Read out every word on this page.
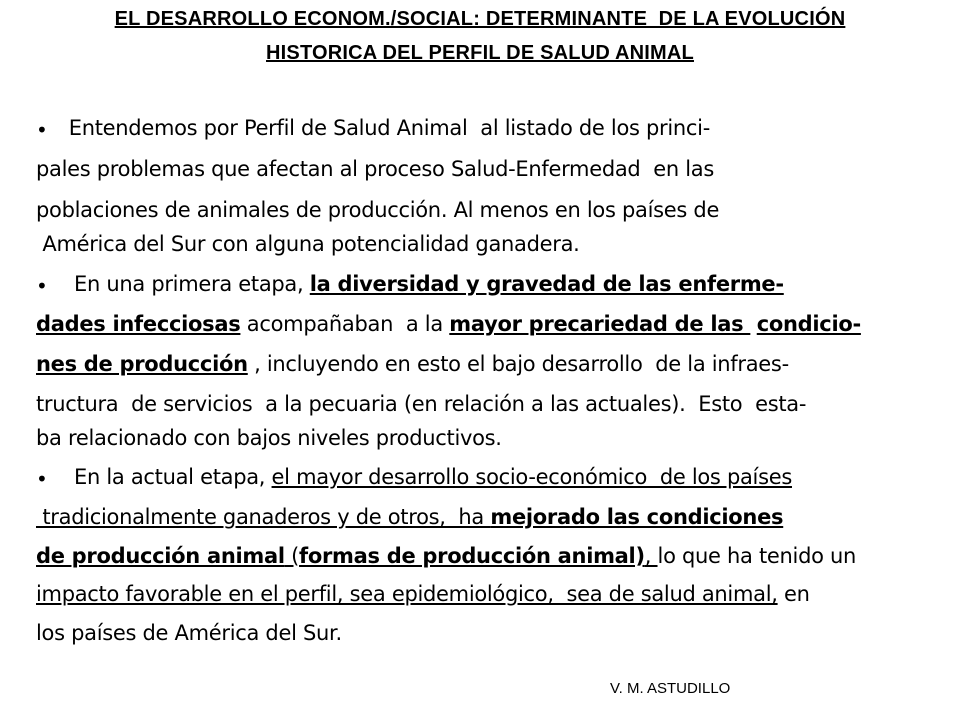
EL DESARROLLO ECONOM./SOCIAL: DETERMINANTE  DE LA EVOLUCIÓN
HISTORICA DEL PERFIL DE SALUD ANIMAL
• Entendemos por Perfil de Salud Animal  al listado de los princi-
pales problemas que afectan al proceso Salud-Enfermedad  en las
poblaciones de animales de producción. Al menos en los países de
América del Sur con alguna potencialidad ganadera.
• En una primera etapa, la diversidad y gravedad de las enferme-
dades infecciosas acompañaban  a la mayor precariedad de las  condicio-
nes de producción , incluyendo en esto el bajo desarrollo  de la infraes-
tructura  de servicios  a la pecuaria (en relación a las actuales).  Esto  esta-
ba relacionado con bajos niveles productivos.
• En la actual etapa, el mayor desarrollo socio-económico  de los países
tradicionalmente ganaderos y de otros,  ha mejorado las condiciones
de producción animal (formas de producción animal), lo que ha tenido un
impacto favorable en el perfil, sea epidemiológico,  sea de salud animal, en
los países de América del Sur.
V. M. ASTUDILLO
